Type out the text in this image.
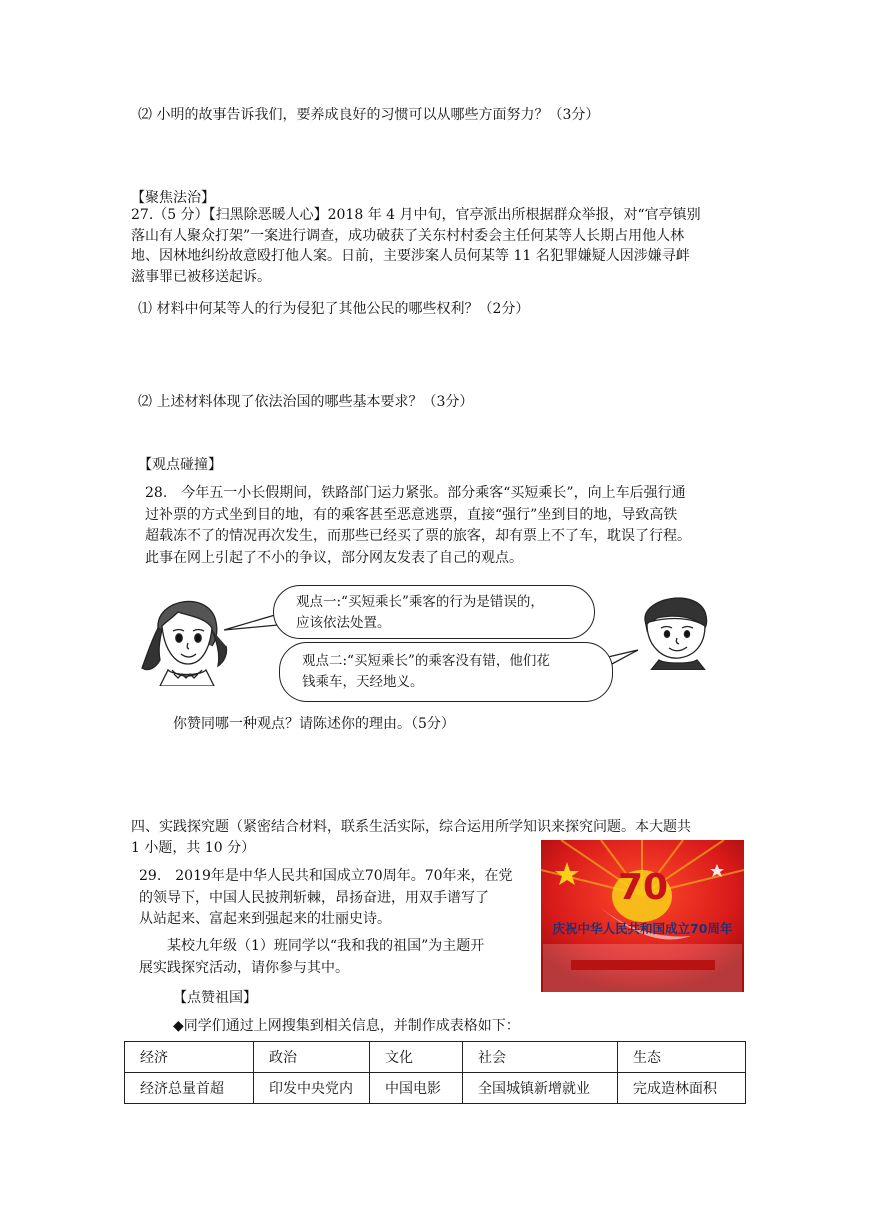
⑵ 小明的故事告诉我们，要养成良好的习惯可以从哪些方面努力？（3分）
【聚焦法治】
27.（5 分）【扫黑除恶暖人心】2018 年 4 月中旬，官亭派出所根据群众举报，对“官亭镇别
落山有人聚众打架”一案进行调查，成功破获了关东村村委会主任何某等人长期占用他人林
地、因林地纠纷故意殴打他人案。日前，主要涉案人员何某等 11 名犯罪嫌疑人因涉嫌寻衅
滋事罪已被移送起诉。
⑴ 材料中何某等人的行为侵犯了其他公民的哪些权利？（2分）
⑵ 上述材料体现了依法治国的哪些基本要求？（3分）
【观点碰撞】
28.　今年五一小长假期间，铁路部门运力紧张。部分乘客“买短乘长”，向上车后强行通
过补票的方式坐到目的地，有的乘客甚至恶意逃票，直接“强行”坐到目的地，导致高铁
超载冻不了的情况再次发生，而那些已经买了票的旅客，却有票上不了车，耽误了行程。
此事在网上引起了不小的争议，部分网友发表了自己的观点。
观点一:“买短乘长”乘客的行为是错误的，
应该依法处置。
观点二:“买短乘长”的乘客没有错，他们花
钱乘车，天经地义。
你赞同哪一种观点？请陈述你的理由。（5分）
四、实践探究题（紧密结合材料，联系生活实际，综合运用所学知识来探究问题。本大题共
1 小题，共 10 分）
29.　2019年是中华人民共和国成立70周年。70年来，在党
的领导下，中国人民披荆斩棘，昂扬奋进，用双手谱写了
从站起来、富起来到强起来的壮丽史诗。
　　某校九年级（1）班同学以“我和我的祖国”为主题开
展实践探究活动，请你参与其中。
70
庆祝中华人民共和国成立70周年
【点赞祖国】
◆同学们通过上网搜集到相关信息，并制作成表格如下：
经济	政治	文化	社会	生态
经济总量首超	印发中央党内	中国电影	全国城镇新增就业	完成造林面积
